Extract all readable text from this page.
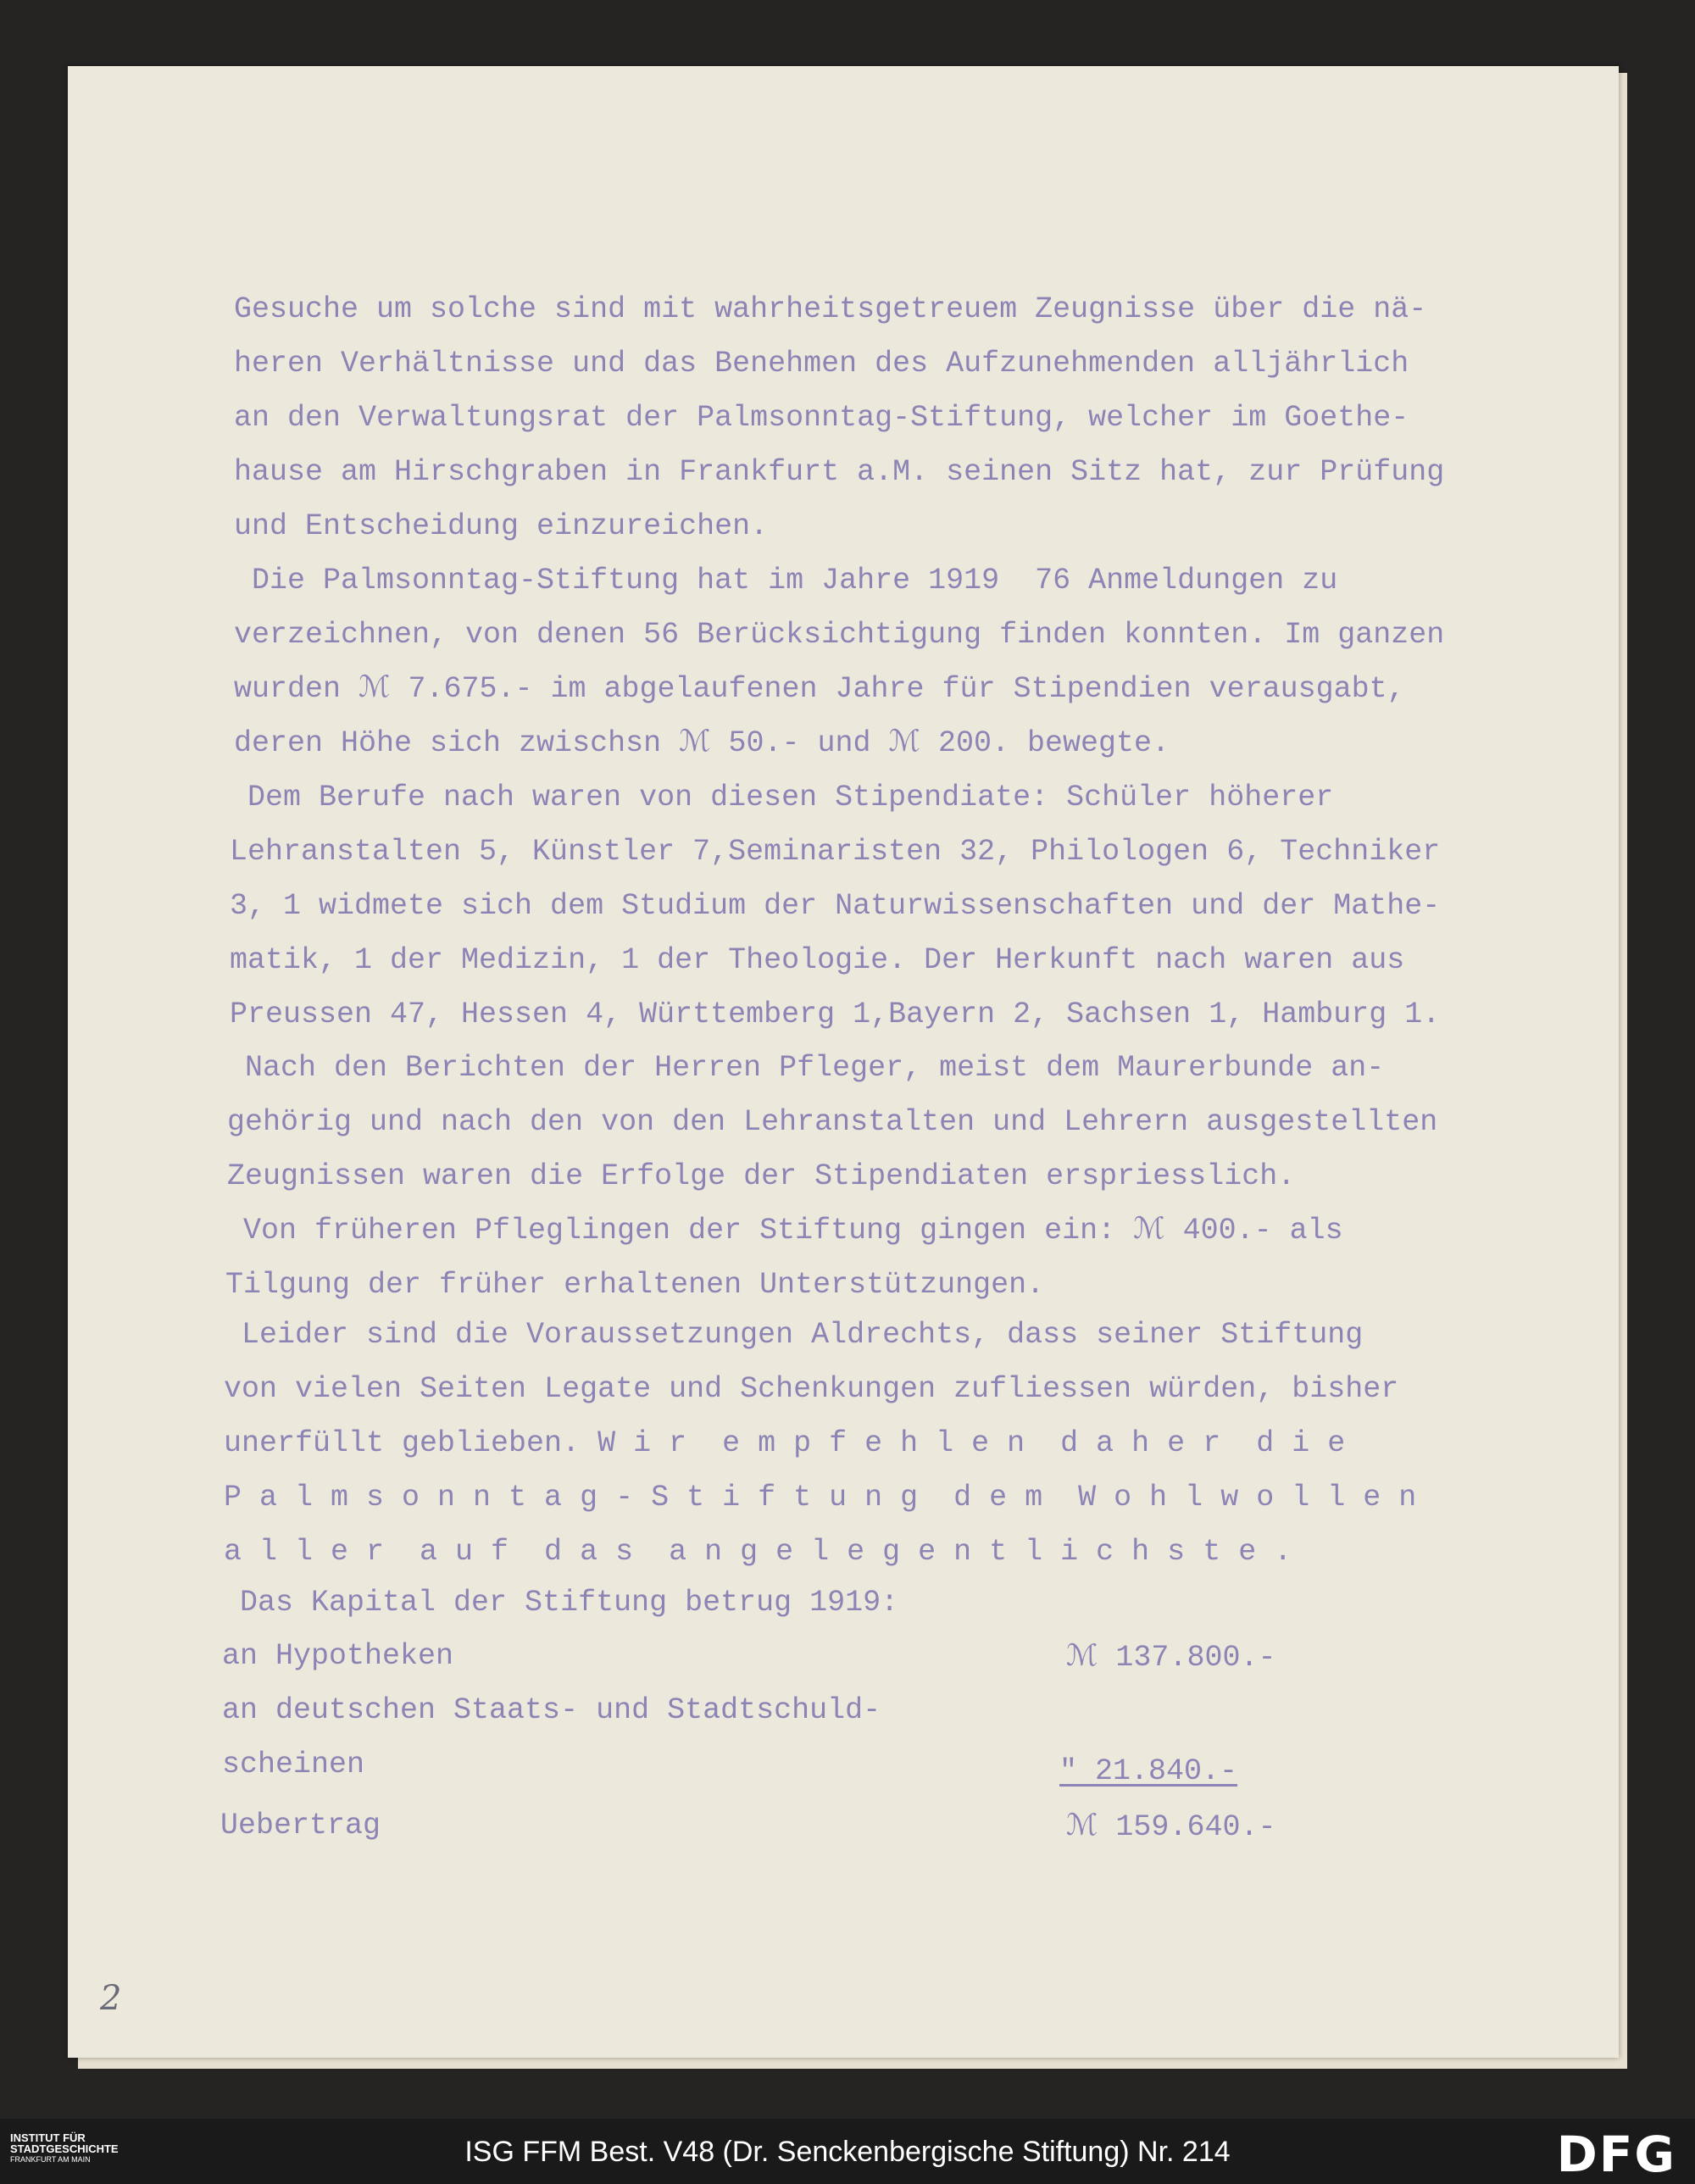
Gesuche um solche sind mit wahrheitsgetreuem Zeugnisse über die nä-
heren Verhältnisse und das Benehmen des Aufzunehmenden alljährlich
an den Verwaltungsrat der Palmsonntag-Stiftung, welcher im Goethe-
hause am Hirschgraben in Frankfurt a.M. seinen Sitz hat, zur Prüfung
und Entscheidung einzureichen.
Die Palmsonntag-Stiftung hat im Jahre 1919  76 Anmeldungen zu
verzeichnen, von denen 56 Berücksichtigung finden konnten. Im ganzen
wurden ℳ 7.675.- im abgelaufenen Jahre für Stipendien verausgabt,
deren Höhe sich zwischsn ℳ 50.- und ℳ 200. bewegte.
Dem Berufe nach waren von diesen Stipendiate: Schüler höherer
Lehranstalten 5, Künstler 7,Seminaristen 32, Philologen 6, Techniker
3, 1 widmete sich dem Studium der Naturwissenschaften und der Mathe-
matik, 1 der Medizin, 1 der Theologie. Der Herkunft nach waren aus
Preussen 47, Hessen 4, Württemberg 1,Bayern 2, Sachsen 1, Hamburg 1.
Nach den Berichten der Herren Pfleger, meist dem Maurerbunde an-
gehörig und nach den von den Lehranstalten und Lehrern ausgestellten
Zeugnissen waren die Erfolge der Stipendiaten erspriesslich.
Von früheren Pfleglingen der Stiftung gingen ein: ℳ 400.- als
Tilgung der früher erhaltenen Unterstützungen.
Leider sind die Voraussetzungen Aldrechts, dass seiner Stiftung
von vielen Seiten Legate und Schenkungen zufliessen würden, bisher
unerfüllt geblieben. W i r  e m p f e h l e n  d a h e r  d i e
P a l m s o n n t a g - S t i f t u n g  d e m  W o h l w o l l e n
a l l e r  a u f  d a s  a n g e l e g e n t l i c h s t e .
Das Kapital der Stiftung betrug 1919:
an Hypotheken	ℳ 137.800.-
an deutschen Staats- und Stadtschuld-
scheinen	" 21.840.-
Uebertrag	ℳ 159.640.-
2
INSTITUT FÜR
STADTGESCHICHTE
FRANKFURT AM MAIN	ISG FFM Best. V48 (Dr. Senckenbergische Stiftung) Nr. 214	DFG
